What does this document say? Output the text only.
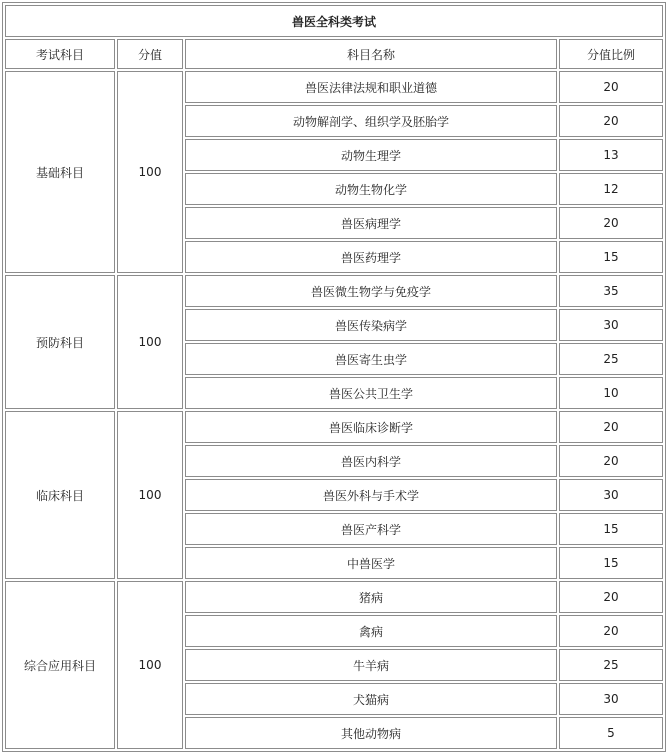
兽医全科类考试			
考试科目	分值	科目名称	分值比例
基础科目	100	兽医法律法规和职业道德	20
		动物解剖学、组织学及胚胎学	20
		动物生理学	13
		动物生物化学	12
		兽医病理学	20
		兽医药理学	15
预防科目	100	兽医微生物学与免疫学	35
		兽医传染病学	30
		兽医寄生虫学	25
		兽医公共卫生学	10
临床科目	100	兽医临床诊断学	20
		兽医内科学	20
		兽医外科与手术学	30
		兽医产科学	15
		中兽医学	15
综合应用科目	100	猪病	20
		禽病	20
		牛羊病	25
		犬猫病	30
		其他动物病	5
